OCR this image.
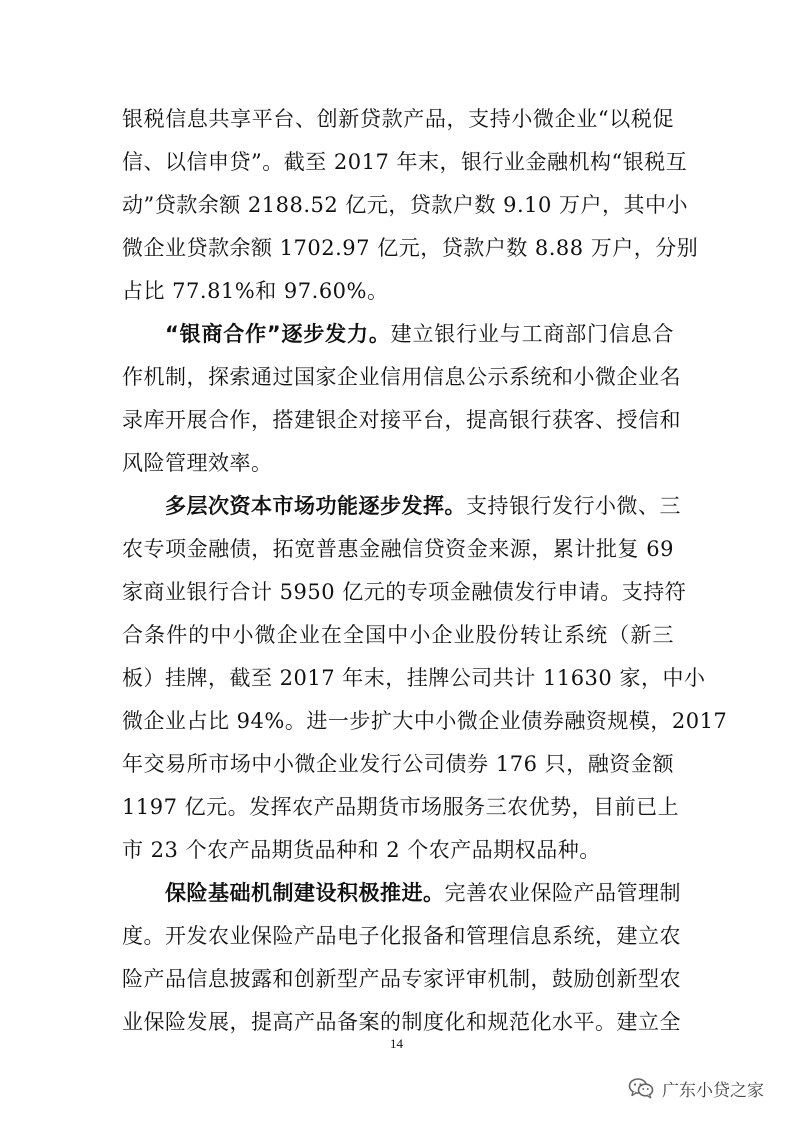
银税信息共享平台、创新贷款产品，支持小微企业“以税促
信、以信申贷”。截至 2017 年末，银行业金融机构“银税互
动”贷款余额 2188.52 亿元，贷款户数 9.10 万户，其中小
微企业贷款余额 1702.97 亿元，贷款户数 8.88 万户，分别
占比 77.81%和 97.60%。
“银商合作”逐步发力。建立银行业与工商部门信息合
作机制，探索通过国家企业信用信息公示系统和小微企业名
录库开展合作，搭建银企对接平台，提高银行获客、授信和
风险管理效率。
多层次资本市场功能逐步发挥。支持银行发行小微、三
农专项金融债，拓宽普惠金融信贷资金来源，累计批复 69
家商业银行合计 5950 亿元的专项金融债发行申请。支持符
合条件的中小微企业在全国中小企业股份转让系统（新三
板）挂牌，截至 2017 年末，挂牌公司共计 11630 家，中小
微企业占比 94%。进一步扩大中小微企业债券融资规模，2017
年交易所市场中小微企业发行公司债券 176 只，融资金额
1197 亿元。发挥农产品期货市场服务三农优势，目前已上
市 23 个农产品期货品种和 2 个农产品期权品种。
保险基础机制建设积极推进。完善农业保险产品管理制
度。开发农业保险产品电子化报备和管理信息系统，建立农
险产品信息披露和创新型产品专家评审机制，鼓励创新型农
业保险发展，提高产品备案的制度化和规范化水平。建立全
14
广东小贷之家
